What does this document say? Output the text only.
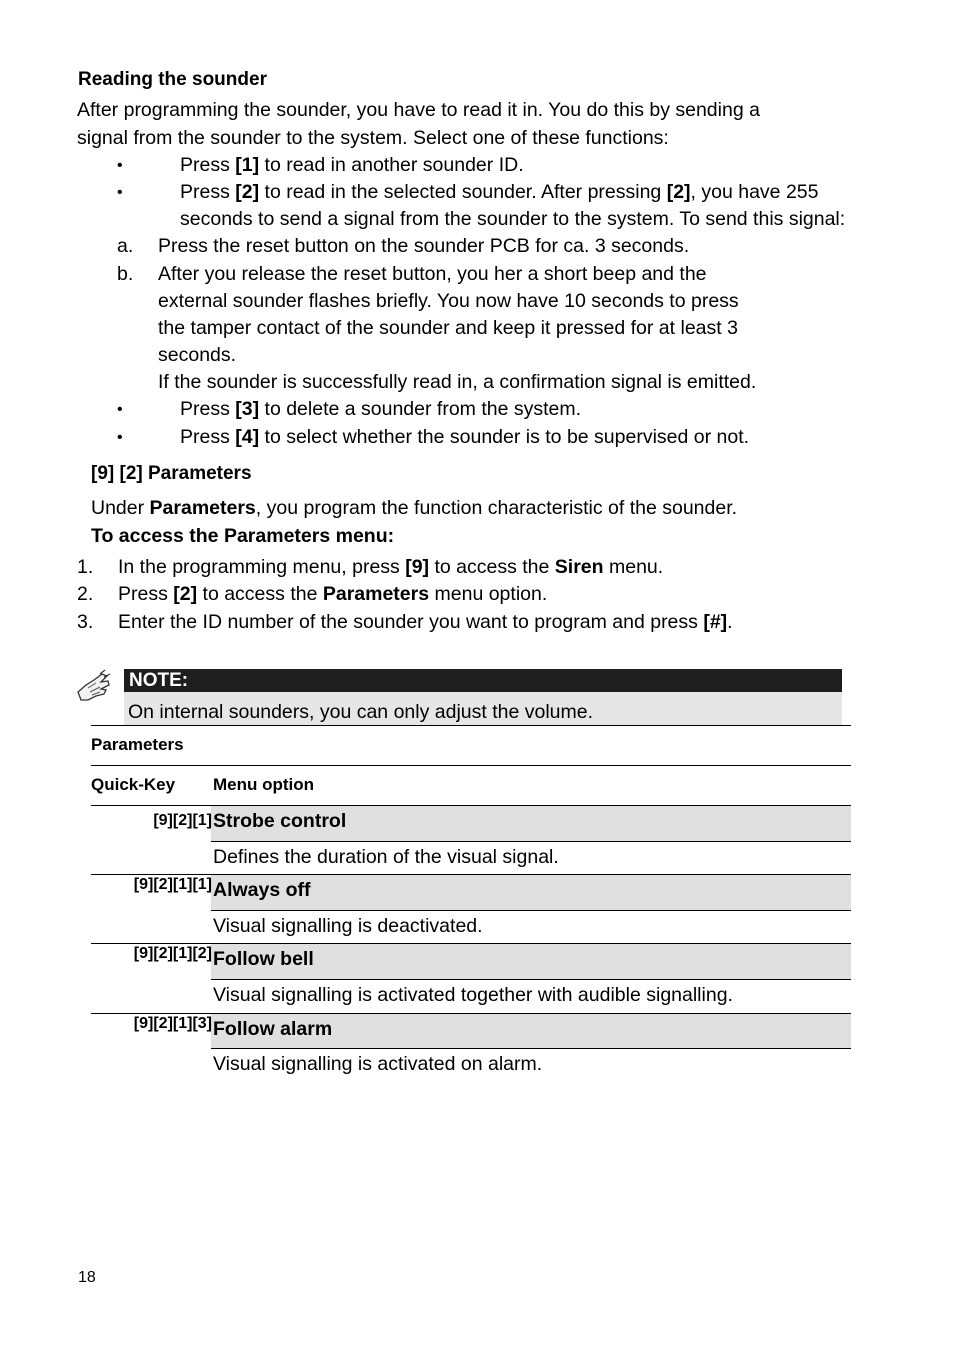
Reading the sounder
After programming the sounder, you have to read it in. You do this by sending a
signal from the sounder to the system. Select one of these functions:
•	Press [1] to read in another sounder ID.
•	Press [2] to read in the selected sounder. After pressing [2], you have 255
seconds to send a signal from the sounder to the system. To send this signal:
a. Press the reset button on the sounder PCB for ca. 3 seconds.
b. After you release the reset button, you her a short beep and the
external sounder flashes briefly. You now have 10 seconds to press
the tamper contact of the sounder and keep it pressed for at least 3
seconds.
If the sounder is successfully read in, a confirmation signal is emitted.
•	Press [3] to delete a sounder from the system.
•	Press [4] to select whether the sounder is to be supervised or not.
[9] [2] Parameters
Under Parameters, you program the function characteristic of the sounder.
To access the Parameters menu:
1. In the programming menu, press [9] to access the Siren menu.
2. Press [2] to access the Parameters menu option.
3. Enter the ID number of the sounder you want to program and press [#].
NOTE:
On internal sounders, you can only adjust the volume.
Parameters
Quick-Key Menu option
[9][2][1] Strobe control
Defines the duration of the visual signal.
[9][2][1][1] Always off
Visual signalling is deactivated.
[9][2][1][2] Follow bell
Visual signalling is activated together with audible signalling.
[9][2][1][3] Follow alarm
Visual signalling is activated on alarm.
18
